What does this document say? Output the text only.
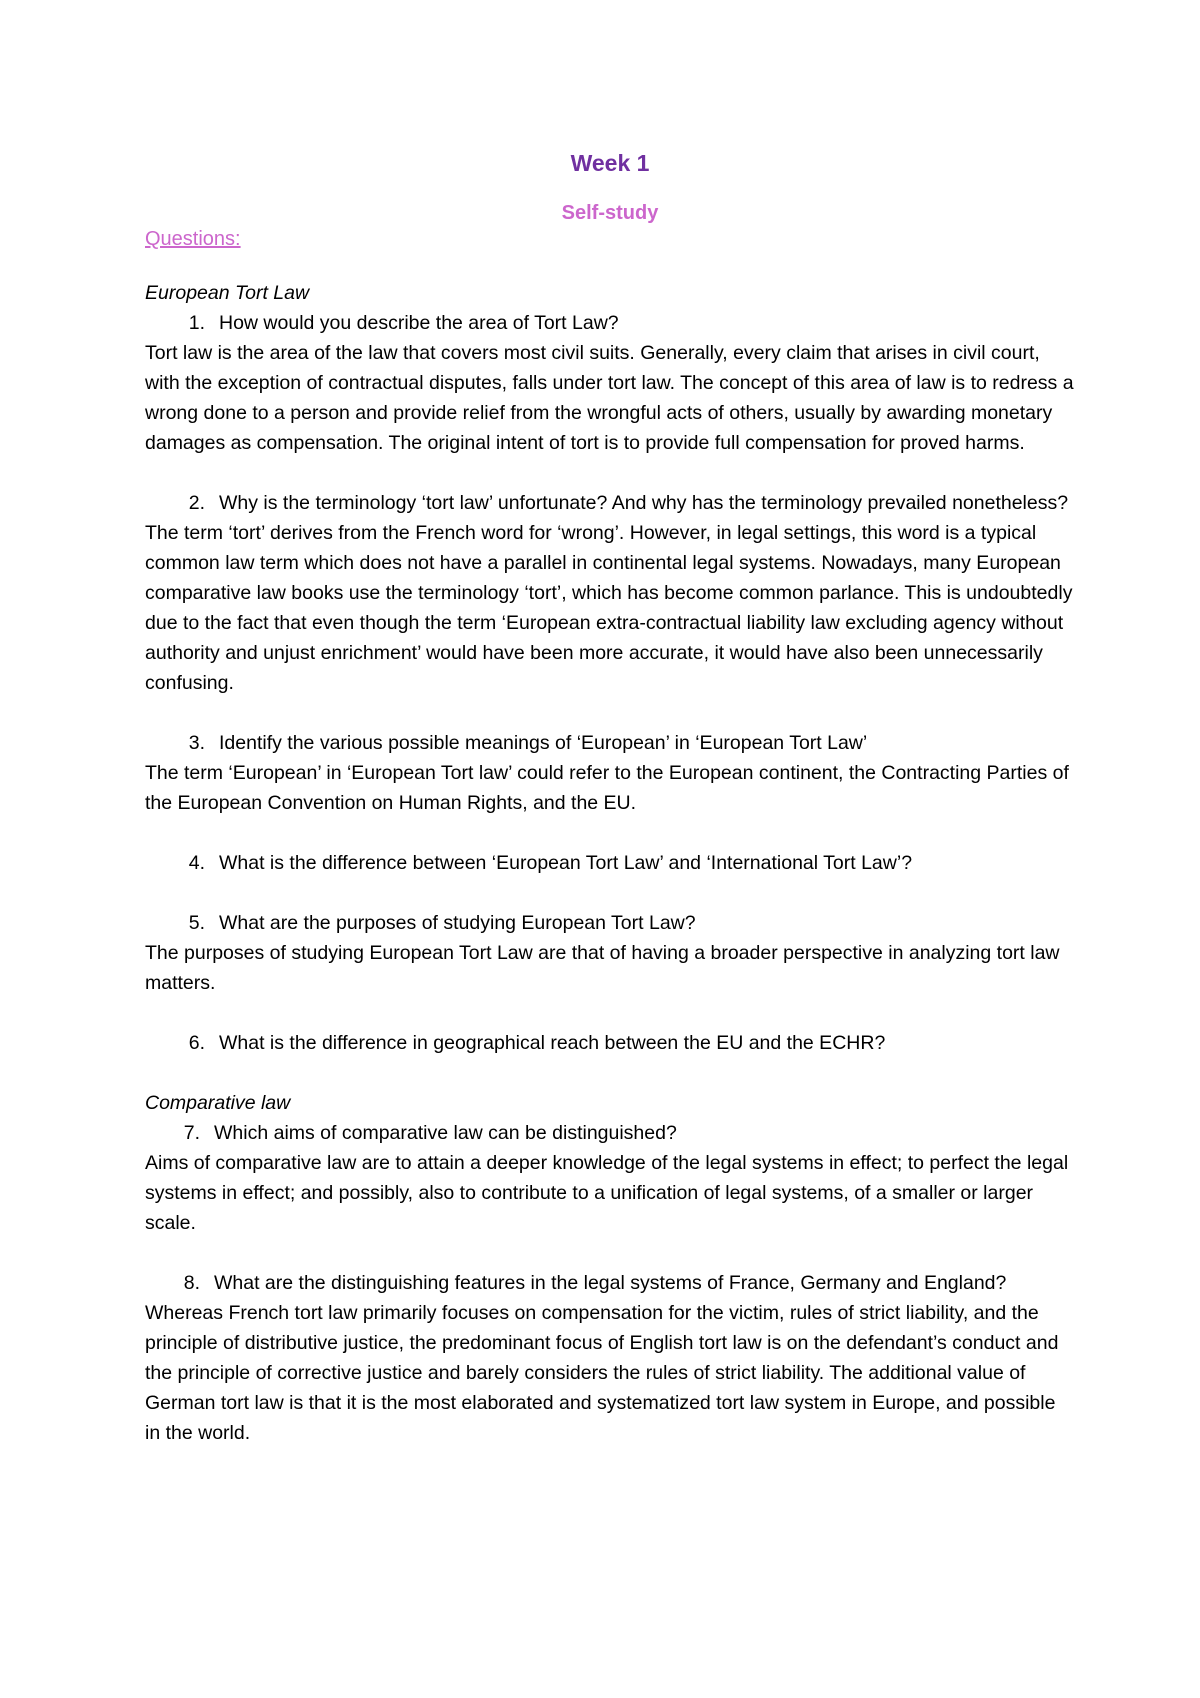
Week 1
Self-study
Questions:
European Tort Law
1. How would you describe the area of Tort Law?

Tort law is the area of the law that covers most civil suits. Generally, every claim that arises in civil court, with the exception of contractual disputes, falls under tort law. The concept of this area of law is to redress a wrong done to a person and provide relief from the wrongful acts of others, usually by awarding monetary damages as compensation. The original intent of tort is to provide full compensation for proved harms.

2. Why is the terminology ‘tort law’ unfortunate? And why has the terminology prevailed nonetheless?

The term ‘tort’ derives from the French word for ‘wrong’. However, in legal settings, this word is a typical common law term which does not have a parallel in continental legal systems. Nowadays, many European comparative law books use the terminology ‘tort’, which has become common parlance. This is undoubtedly due to the fact that even though the term ‘European extra-contractual liability law excluding agency without authority and unjust enrichment’ would have been more accurate, it would have also been unnecessarily confusing.

3. Identify the various possible meanings of ‘European’ in ‘European Tort Law’

The term ‘European’ in ‘European Tort law’ could refer to the European continent, the Contracting Parties of the European Convention on Human Rights, and the EU.

4. What is the difference between ‘European Tort Law’ and ‘International Tort Law’?
5. What are the purposes of studying European Tort Law?

The purposes of studying European Tort Law are that of having a broader perspective in analyzing tort law matters.

6. What is the difference in geographical reach between the EU and the ECHR?
Comparative law
7. Which aims of comparative law can be distinguished?

Aims of comparative law are to attain a deeper knowledge of the legal systems in effect; to perfect the legal systems in effect; and possibly, also to contribute to a unification of legal systems, of a smaller or larger scale.

8. What are the distinguishing features in the legal systems of France, Germany and England?

Whereas French tort law primarily focuses on compensation for the victim, rules of strict liability, and the principle of distributive justice, the predominant focus of English tort law is on the defendant’s conduct and the principle of corrective justice and barely considers the rules of strict liability. The additional value of German tort law is that it is the most elaborated and systematized tort law system in Europe, and possible in the world.
